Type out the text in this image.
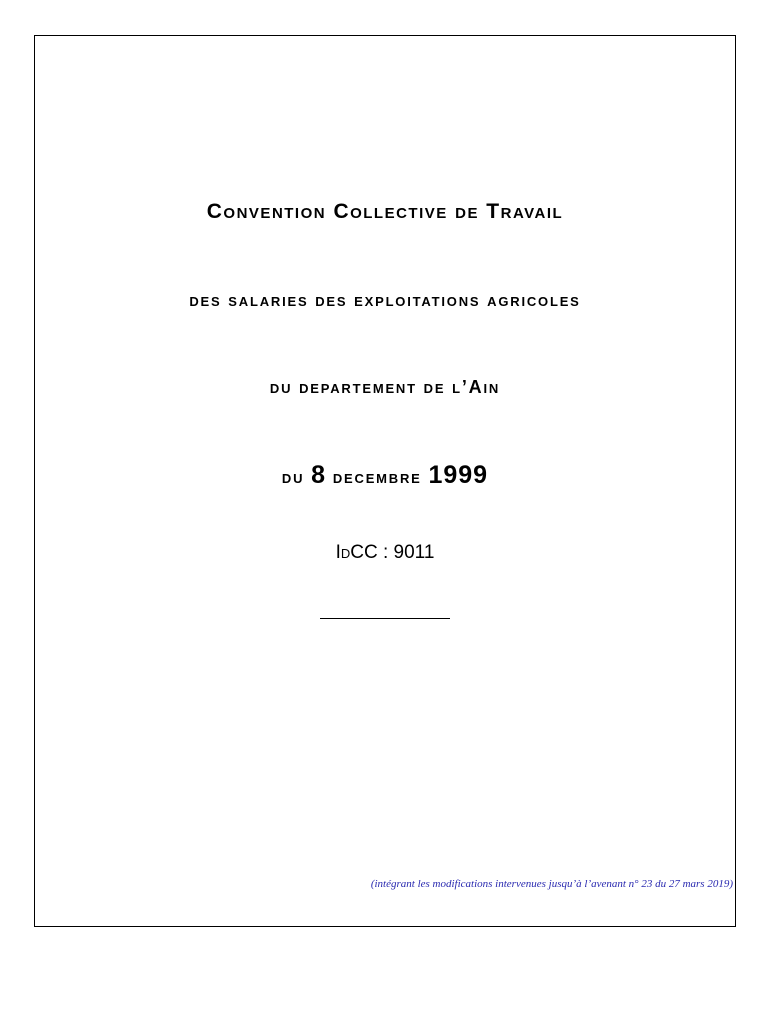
Convention Collective de Travail
des salaries des exploitations agricoles
du departement de l’Ain
du 8 decembre 1999
IdCC : 9011
(intégrant les modifications intervenues jusqu’à l’avenant n° 23 du 27 mars 2019)
